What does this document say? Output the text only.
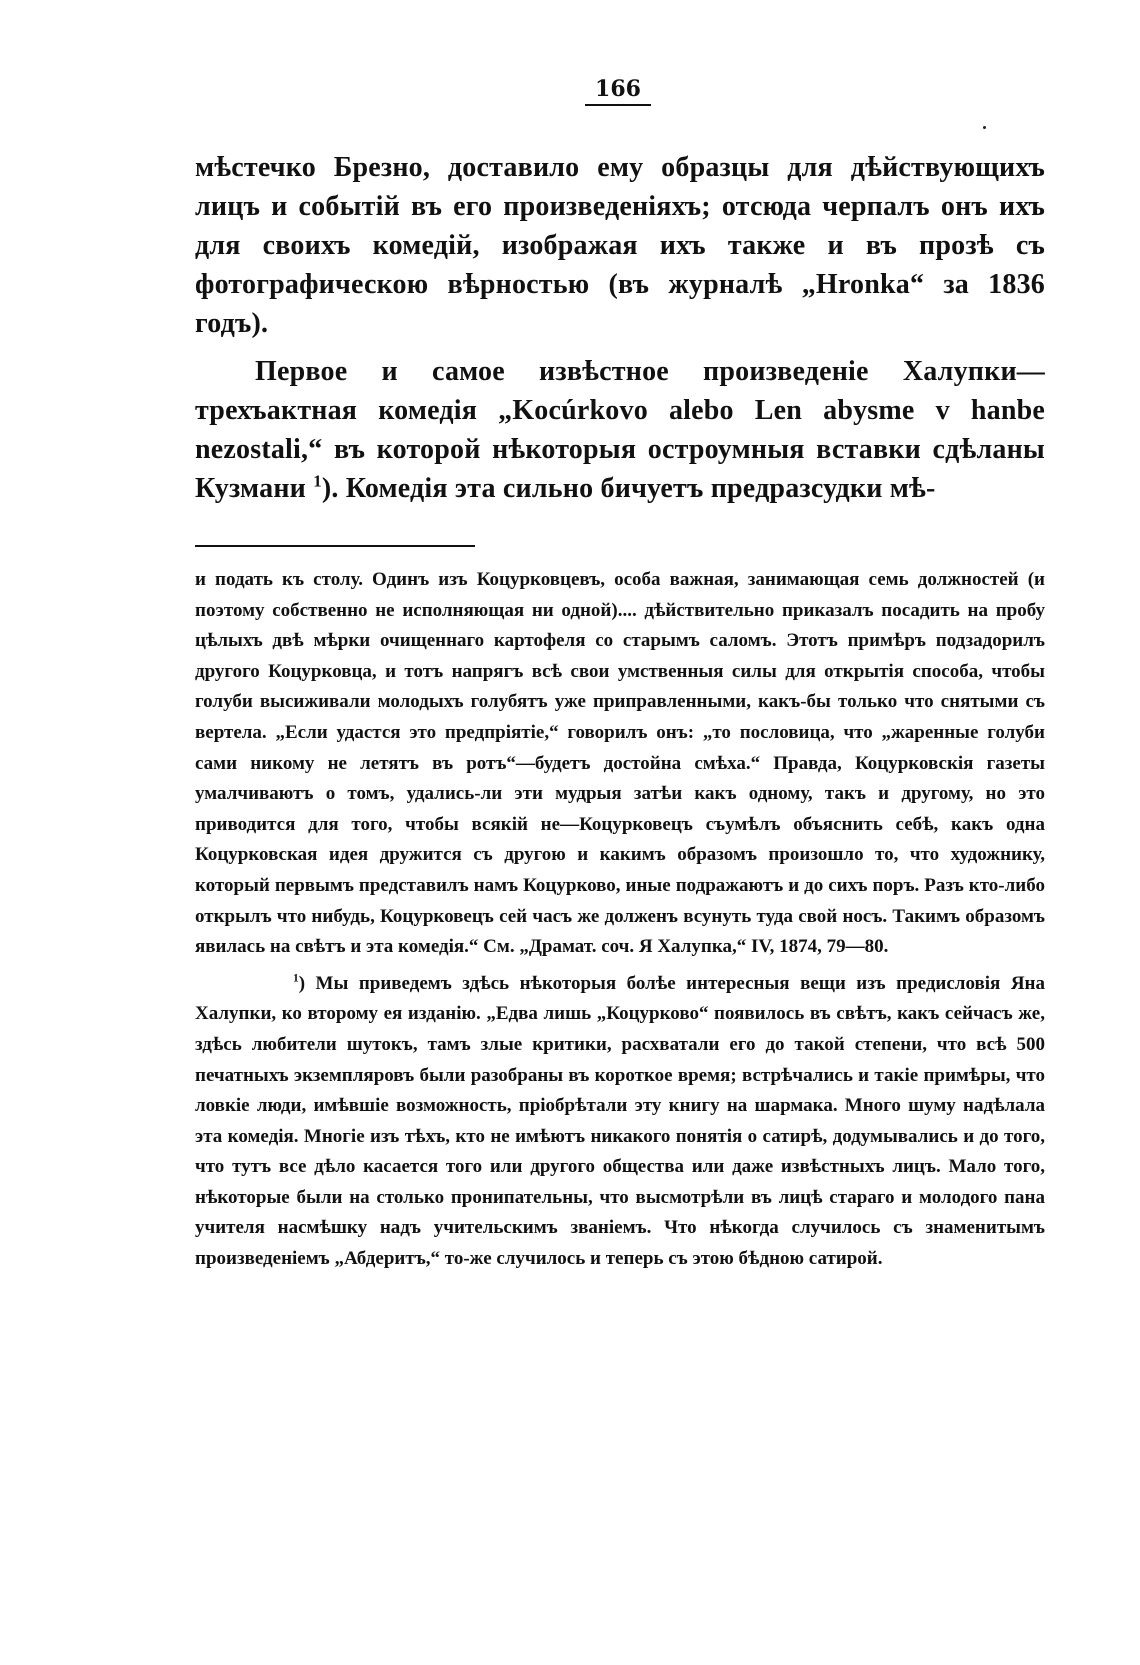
166

мѣстечко Брезно, доставило ему образцы для дѣйствующихъ лицъ и событій въ его произведеніяхъ; отсюда черпалъ онъ ихъ для своихъ комедій, изображая ихъ также и въ прозѣ съ фотографическою вѣрностью (въ журналѣ „Hronka“ за 1836 годъ).

Первое и самое извѣстное произведеніе Халупки—трехъактная комедія „Kocúrkovo alebo Len abysme v hanbe nezostali,“ въ которой нѣкоторыя остроумныя вставки сдѣланы Кузмани $^1$). Комедія эта сильно бичуетъ предразсудки мѣ-

и подать къ столу. Одинъ изъ Коцурковцевъ, особа важная, занимающая семь должностей (и поэтому собственно не исполняющая ни одной).... дѣйствительно приказалъ посадить на пробу цѣлыхъ двѣ мѣрки очищеннаго картофеля со старымъ саломъ. Этотъ примѣръ подзадорилъ другого Коцурковца, и тотъ напрягъ всѣ свои умственныя силы для открытія способа, чтобы голуби высиживали молодыхъ голубятъ уже приправленными, какъ-бы только что снятыми съ вертела. „Если удастся это предпріятіе,“ говорилъ онъ: „то пословица, что „жаренные голуби сами никому не летятъ въ ротъ“—будетъ достойна смѣха.“ Правда, Коцурковскія газеты умалчиваютъ о томъ, удались-ли эти мудрыя затѣи какъ одному, такъ и другому, но это приводится для того, чтобы всякій не—Коцурковецъ съумѣлъ объяснить себѣ, какъ одна Коцурковская идея дружится съ другою и какимъ образомъ произошло то, что художнику, который первымъ представилъ намъ Коцурково, иные подражаютъ и до сихъ поръ. Разъ кто-либо открылъ что нибудь, Коцурковецъ сей часъ же долженъ всунуть туда свой носъ. Такимъ образомъ явилась на свѣтъ и эта комедія.“ См. „Драмат. соч. Я Халупка,“ IV, 1874, 79—80.

$^1$) Мы приведемъ здѣсь нѣкоторыя болѣе интересныя вещи изъ предисловія Яна Халупки, ко второму ея изданію. „Едва лишь „Коцурково“ появилось въ свѣтъ, какъ сейчасъ же, здѣсь любители шутокъ, тамъ злые критики, расхватали его до такой степени, что всѣ 500 печатныхъ экземпляровъ были разобраны въ короткое время; встрѣчались и такіе примѣры, что ловкіе люди, имѣвшіе возможность, пріобрѣтали эту книгу на шармака. Много шуму надѣлала эта комедія. Многіе изъ тѣхъ, кто не имѣютъ никакого понятія о сатирѣ, додумывались и до того, что тутъ все дѣло касается того или другого общества или даже извѣстныхъ лицъ. Мало того, нѣкоторые были на столько пронипательны, что высмотрѣли въ лицѣ стараго и молодого пана учителя насмѣшку надъ учительскимъ званіемъ. Что нѣкогда случилось съ знаменитымъ произведеніемъ „Абдеритъ,“ то-же случилось и теперь съ этою бѣдною сатирой.
